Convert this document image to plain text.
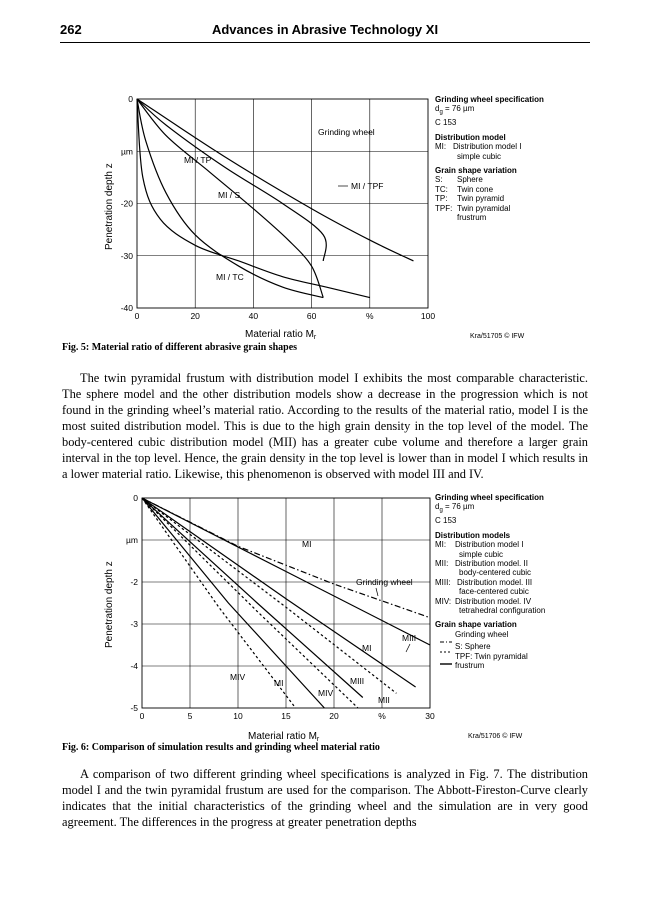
262	Advances in Abrasive Technology XI
0	20	40	60	%	100
0
µm
-20
-30
-40
MI / TP
MI / S
MI / TC
Grinding wheel
MI / TPF
Penetration depth z
Material ratio $M_r$	Kra/51705 © IFW
Grinding wheel specification
$d_g = 76$ µm
C 153
Distribution model
MI: Distribution model I
simple cubic
Grain shape variation
S:	Sphere
TC:	Twin cone
TP:	Twin pyramid
TPF: Twin pyramidal
frustrum
Fig. 5: Material ratio of different abrasive grain shapes

The twin pyramidal frustum with distribution model I exhibits the most comparable characteristic. The sphere model and the other distribution models show a decrease in the progression which is not found in the grinding wheel’s material ratio. According to the results of the material ratio, model I is the most suited distribution model. This is due to the high grain density in the top level of the model. The body-centered cubic distribution model (MII) has a greater cube volume and therefore a larger grain interval in the top level. Hence, the grain density in the top level is lower than in model I which results in a lower material ratio. Likewise, this phenomenon is observed with model III and IV.

0	5	10	15	20	%	30
0
µm
-2
-3
-4
-5
MI
Grinding wheel
MIII
MI
MIII
MII
MIV
MI
MIV
Penetration depth z
Material ratio $M_r$	Kra/51706 © IFW
Grinding wheel specification
$d_g = 76$ µm
C 153
Distribution models
MI:	Distribution model I
simple cubic
MII: Distribution model. II
body-centered cubic
MIII: Distribution model. III
face-centered cubic
MIV: Distribution model. IV
tetrahedral configuration
Grain shape variation
Grinding wheel
S: Sphere
TPF: Twin pyramidal
frustrum
Fig. 6: Comparison of simulation results and grinding wheel material ratio

A comparison of two different grinding wheel specifications is analyzed in Fig. 7. The distribution model I and the twin pyramidal frustum are used for the comparison. The Abbott-Fireston-Curve clearly indicates that the initial characteristics of the grinding wheel and the simulation are in very good agreement. The differences in the progress at greater penetration depths
